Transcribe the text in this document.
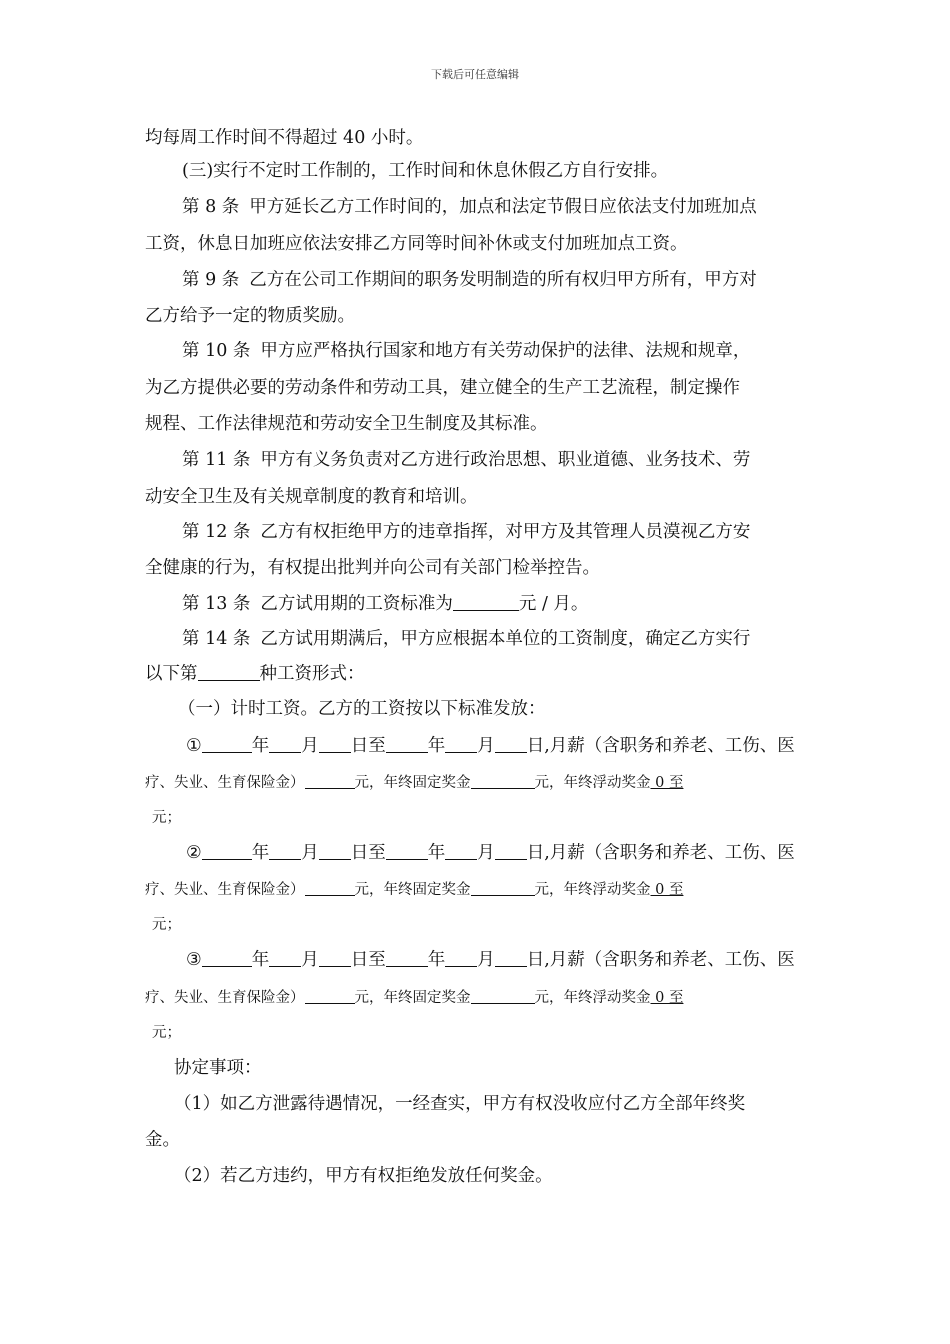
下载后可任意编辑
均每周工作时间不得超过 40 小时。
(三)实行不定时工作制的，工作时间和休息休假乙方自行安排。
第 8 条 甲方延长乙方工作时间的，加点和法定节假日应依法支付加班加点
工资，休息日加班应依法安排乙方同等时间补休或支付加班加点工资。
第 9 条 乙方在公司工作期间的职务发明制造的所有权归甲方所有，甲方对
乙方给予一定的物质奖励。
第 10 条 甲方应严格执行国家和地方有关劳动保护的法律、法规和规章，
为乙方提供必要的劳动条件和劳动工具，建立健全的生产工艺流程，制定操作
规程、工作法律规范和劳动安全卫生制度及其标准。
第 11 条 甲方有义务负责对乙方进行政治思想、职业道德、业务技术、劳
动安全卫生及有关规章制度的教育和培训。
第 12 条 乙方有权拒绝甲方的违章指挥，对甲方及其管理人员漠视乙方安
全健康的行为，有权提出批判并向公司有关部门检举控告。
第 13 条 乙方试用期的工资标准为	元 / 月。
第 14 条 乙方试用期满后，甲方应根据本单位的工资制度，确定乙方实行
以下第	种工资形式：
（一）计时工资。乙方的工资按以下标准发放：
①	年 月 日至 年 月 日,月薪（含职务和养老、工伤、医
疗、失业、生育保险金）	元，年终固定奖金	元，年终浮动奖金 0 至
元；
②	年 月 日至 年 月 日,月薪（含职务和养老、工伤、医
疗、失业、生育保险金）	元，年终固定奖金	元，年终浮动奖金 0 至
元；
③	年 月 日至 年 月 日,月薪（含职务和养老、工伤、医
疗、失业、生育保险金）	元，年终固定奖金	元，年终浮动奖金 0 至
元；
协定事项：
（1）如乙方泄露待遇情况，一经查实，甲方有权没收应付乙方全部年终奖
金。
（2）若乙方违约，甲方有权拒绝发放任何奖金。
